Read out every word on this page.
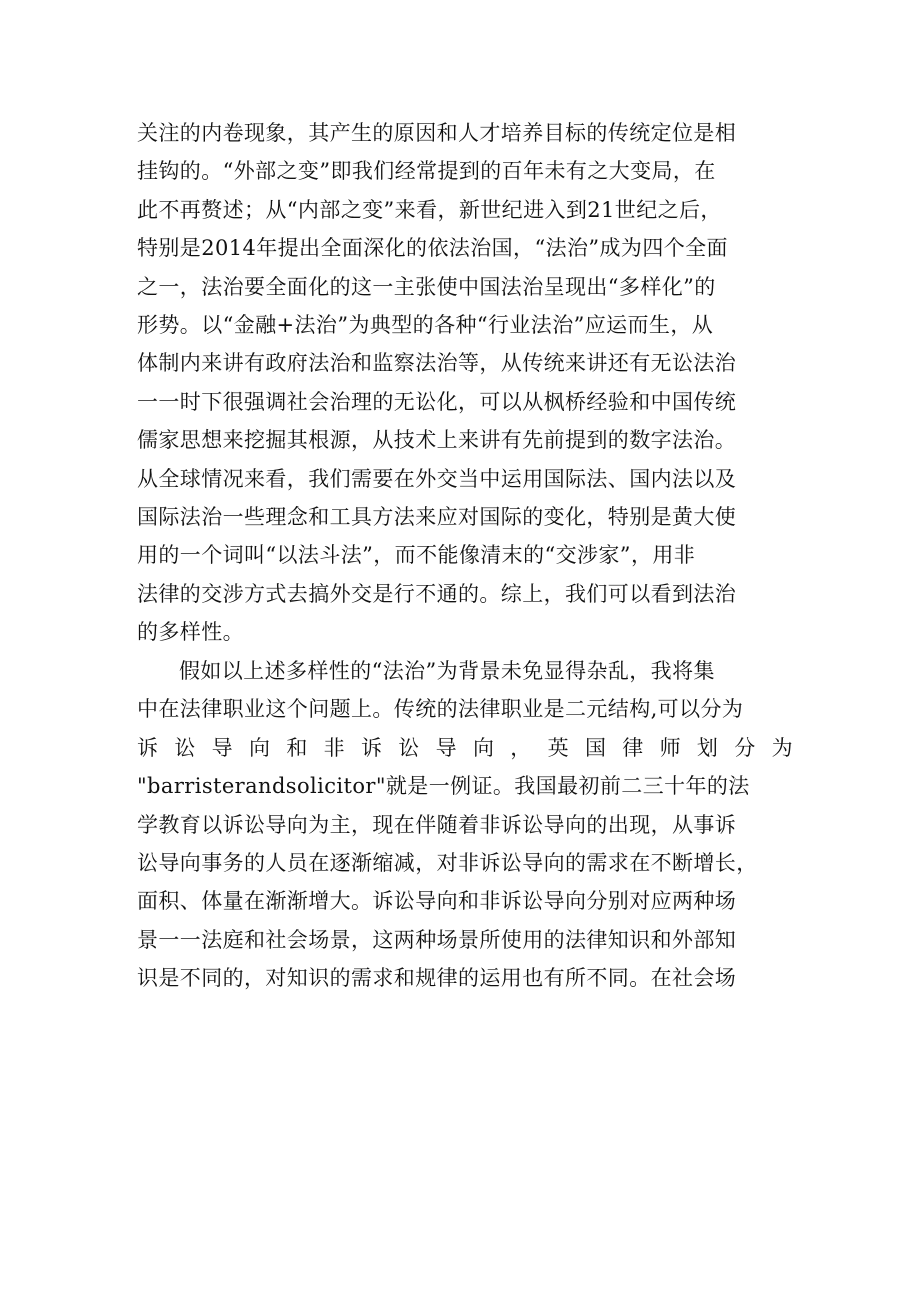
关注的内卷现象，其产生的原因和人才培养目标的传统定位是相
挂钩的。“外部之变”即我们经常提到的百年未有之大变局，在
此不再赘述；从“内部之变”来看，新世纪进入到21世纪之后，
特别是2014年提出全面深化的依法治国，“法治”成为四个全面
之一，法治要全面化的这一主张使中国法治呈现出“多样化”的
形势。以“金融+法治”为典型的各种“行业法治”应运而生，从
体制内来讲有政府法治和监察法治等，从传统来讲还有无讼法治
一一时下很强调社会治理的无讼化，可以从枫桥经验和中国传统
儒家思想来挖掘其根源，从技术上来讲有先前提到的数字法治。
从全球情况来看，我们需要在外交当中运用国际法、国内法以及
国际法治一些理念和工具方法来应对国际的变化，特别是黄大使
用的一个词叫“以法斗法”，而不能像清末的“交涉家”，用非
法律的交涉方式去搞外交是行不通的。综上，我们可以看到法治
的多样性。
假如以上述多样性的“法治”为背景未免显得杂乱，我将集
中在法律职业这个问题上。传统的法律职业是二元结构,可以分为
诉讼导向和非诉讼导向，英国律师划分为
"barristerandsolicitor"就是一例证。我国最初前二三十年的法
学教育以诉讼导向为主，现在伴随着非诉讼导向的出现，从事诉
讼导向事务的人员在逐渐缩减，对非诉讼导向的需求在不断增长，
面积、体量在渐渐增大。诉讼导向和非诉讼导向分别对应两种场
景一一法庭和社会场景，这两种场景所使用的法律知识和外部知
识是不同的，对知识的需求和规律的运用也有所不同。在社会场
